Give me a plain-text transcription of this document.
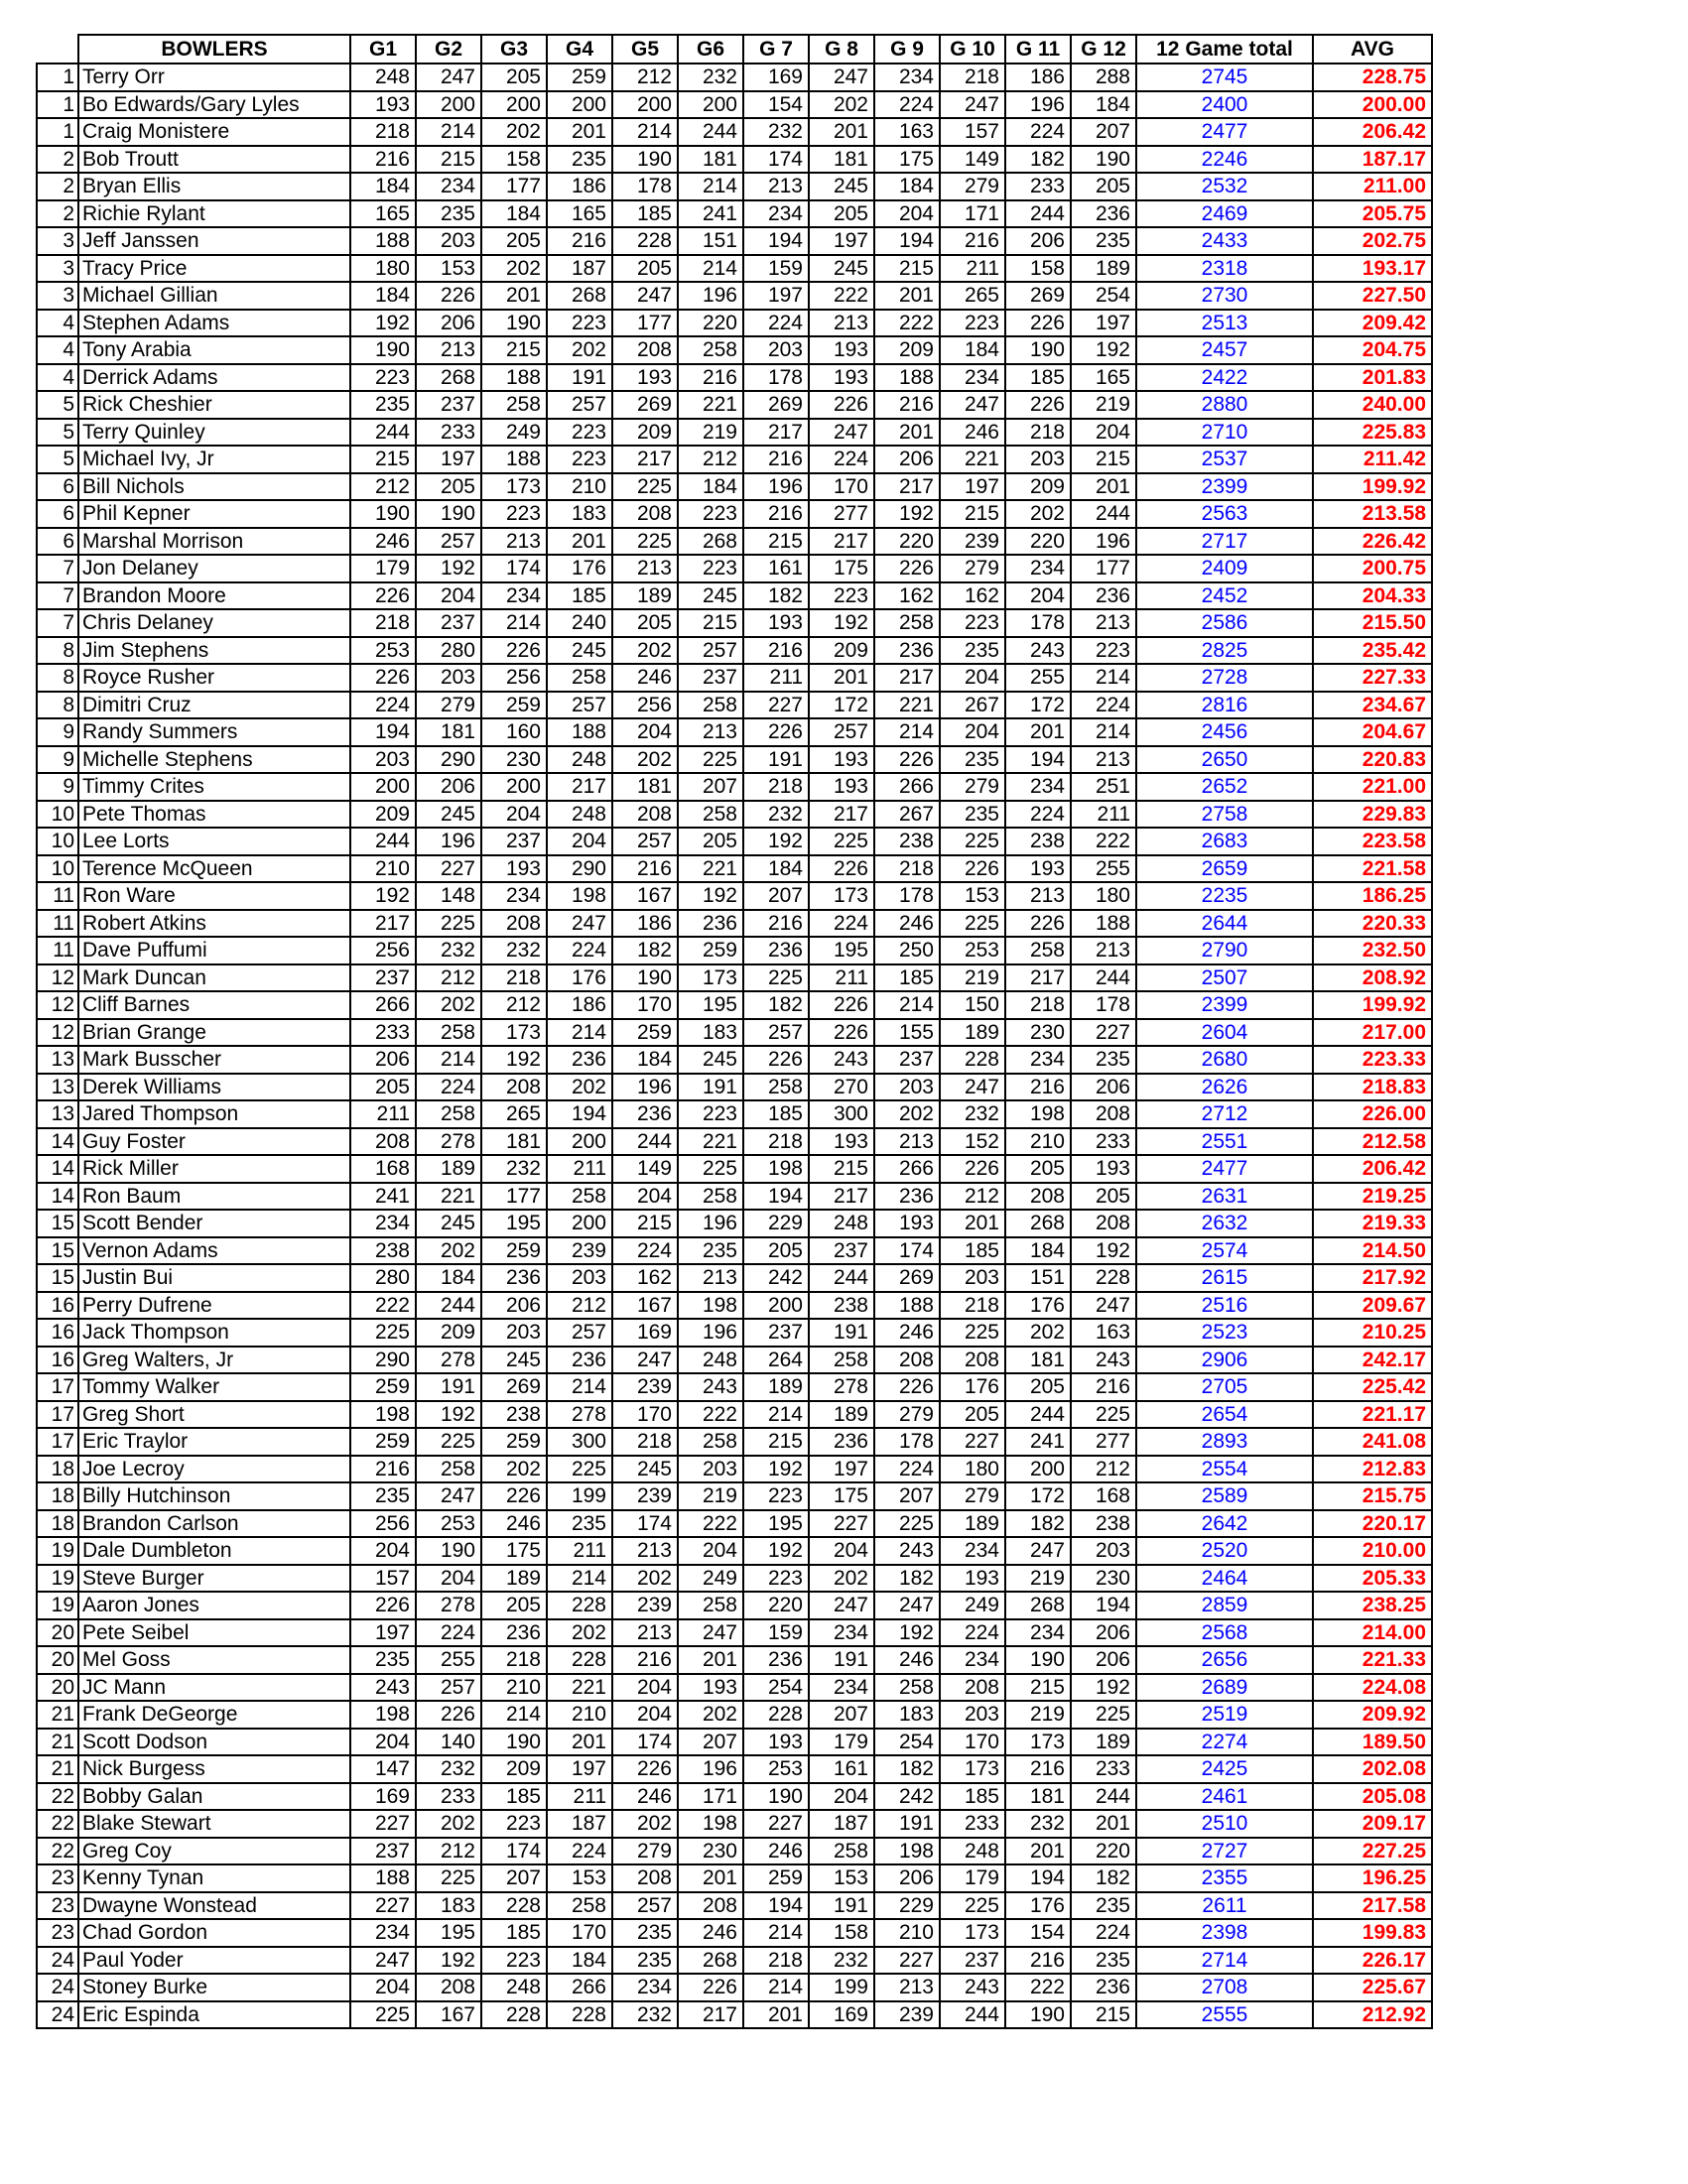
	BOWLERS	G1	G2	G3	G4	G5	G6	G 7	G 8	G 9	G 10	G 11	G 12	12 Game total	AVG
1	Terry Orr	248	247	205	259	212	232	169	247	234	218	186	288	2745	228.75
1	Bo Edwards/Gary Lyles	193	200	200	200	200	200	154	202	224	247	196	184	2400	200.00
1	Craig Monistere	218	214	202	201	214	244	232	201	163	157	224	207	2477	206.42
2	Bob Troutt	216	215	158	235	190	181	174	181	175	149	182	190	2246	187.17
2	Bryan Ellis	184	234	177	186	178	214	213	245	184	279	233	205	2532	211.00
2	Richie Rylant	165	235	184	165	185	241	234	205	204	171	244	236	2469	205.75
3	Jeff Janssen	188	203	205	216	228	151	194	197	194	216	206	235	2433	202.75
3	Tracy Price	180	153	202	187	205	214	159	245	215	211	158	189	2318	193.17
3	Michael Gillian	184	226	201	268	247	196	197	222	201	265	269	254	2730	227.50
4	Stephen Adams	192	206	190	223	177	220	224	213	222	223	226	197	2513	209.42
4	Tony Arabia	190	213	215	202	208	258	203	193	209	184	190	192	2457	204.75
4	Derrick Adams	223	268	188	191	193	216	178	193	188	234	185	165	2422	201.83
5	Rick Cheshier	235	237	258	257	269	221	269	226	216	247	226	219	2880	240.00
5	Terry Quinley	244	233	249	223	209	219	217	247	201	246	218	204	2710	225.83
5	Michael Ivy, Jr	215	197	188	223	217	212	216	224	206	221	203	215	2537	211.42
6	Bill Nichols	212	205	173	210	225	184	196	170	217	197	209	201	2399	199.92
6	Phil Kepner	190	190	223	183	208	223	216	277	192	215	202	244	2563	213.58
6	Marshal Morrison	246	257	213	201	225	268	215	217	220	239	220	196	2717	226.42
7	Jon Delaney	179	192	174	176	213	223	161	175	226	279	234	177	2409	200.75
7	Brandon Moore	226	204	234	185	189	245	182	223	162	162	204	236	2452	204.33
7	Chris Delaney	218	237	214	240	205	215	193	192	258	223	178	213	2586	215.50
8	Jim Stephens	253	280	226	245	202	257	216	209	236	235	243	223	2825	235.42
8	Royce Rusher	226	203	256	258	246	237	211	201	217	204	255	214	2728	227.33
8	Dimitri Cruz	224	279	259	257	256	258	227	172	221	267	172	224	2816	234.67
9	Randy Summers	194	181	160	188	204	213	226	257	214	204	201	214	2456	204.67
9	Michelle Stephens	203	290	230	248	202	225	191	193	226	235	194	213	2650	220.83
9	Timmy Crites	200	206	200	217	181	207	218	193	266	279	234	251	2652	221.00
10	Pete Thomas	209	245	204	248	208	258	232	217	267	235	224	211	2758	229.83
10	Lee Lorts	244	196	237	204	257	205	192	225	238	225	238	222	2683	223.58
10	Terence McQueen	210	227	193	290	216	221	184	226	218	226	193	255	2659	221.58
11	Ron Ware	192	148	234	198	167	192	207	173	178	153	213	180	2235	186.25
11	Robert Atkins	217	225	208	247	186	236	216	224	246	225	226	188	2644	220.33
11	Dave Puffumi	256	232	232	224	182	259	236	195	250	253	258	213	2790	232.50
12	Mark Duncan	237	212	218	176	190	173	225	211	185	219	217	244	2507	208.92
12	Cliff Barnes	266	202	212	186	170	195	182	226	214	150	218	178	2399	199.92
12	Brian Grange	233	258	173	214	259	183	257	226	155	189	230	227	2604	217.00
13	Mark Busscher	206	214	192	236	184	245	226	243	237	228	234	235	2680	223.33
13	Derek Williams	205	224	208	202	196	191	258	270	203	247	216	206	2626	218.83
13	Jared Thompson	211	258	265	194	236	223	185	300	202	232	198	208	2712	226.00
14	Guy Foster	208	278	181	200	244	221	218	193	213	152	210	233	2551	212.58
14	Rick Miller	168	189	232	211	149	225	198	215	266	226	205	193	2477	206.42
14	Ron Baum	241	221	177	258	204	258	194	217	236	212	208	205	2631	219.25
15	Scott Bender	234	245	195	200	215	196	229	248	193	201	268	208	2632	219.33
15	Vernon Adams	238	202	259	239	224	235	205	237	174	185	184	192	2574	214.50
15	Justin Bui	280	184	236	203	162	213	242	244	269	203	151	228	2615	217.92
16	Perry Dufrene	222	244	206	212	167	198	200	238	188	218	176	247	2516	209.67
16	Jack Thompson	225	209	203	257	169	196	237	191	246	225	202	163	2523	210.25
16	Greg Walters, Jr	290	278	245	236	247	248	264	258	208	208	181	243	2906	242.17
17	Tommy Walker	259	191	269	214	239	243	189	278	226	176	205	216	2705	225.42
17	Greg Short	198	192	238	278	170	222	214	189	279	205	244	225	2654	221.17
17	Eric Traylor	259	225	259	300	218	258	215	236	178	227	241	277	2893	241.08
18	Joe Lecroy	216	258	202	225	245	203	192	197	224	180	200	212	2554	212.83
18	Billy Hutchinson	235	247	226	199	239	219	223	175	207	279	172	168	2589	215.75
18	Brandon Carlson	256	253	246	235	174	222	195	227	225	189	182	238	2642	220.17
19	Dale Dumbleton	204	190	175	211	213	204	192	204	243	234	247	203	2520	210.00
19	Steve Burger	157	204	189	214	202	249	223	202	182	193	219	230	2464	205.33
19	Aaron Jones	226	278	205	228	239	258	220	247	247	249	268	194	2859	238.25
20	Pete Seibel	197	224	236	202	213	247	159	234	192	224	234	206	2568	214.00
20	Mel Goss	235	255	218	228	216	201	236	191	246	234	190	206	2656	221.33
20	JC Mann	243	257	210	221	204	193	254	234	258	208	215	192	2689	224.08
21	Frank DeGeorge	198	226	214	210	204	202	228	207	183	203	219	225	2519	209.92
21	Scott Dodson	204	140	190	201	174	207	193	179	254	170	173	189	2274	189.50
21	Nick Burgess	147	232	209	197	226	196	253	161	182	173	216	233	2425	202.08
22	Bobby Galan	169	233	185	211	246	171	190	204	242	185	181	244	2461	205.08
22	Blake Stewart	227	202	223	187	202	198	227	187	191	233	232	201	2510	209.17
22	Greg Coy	237	212	174	224	279	230	246	258	198	248	201	220	2727	227.25
23	Kenny Tynan	188	225	207	153	208	201	259	153	206	179	194	182	2355	196.25
23	Dwayne Wonstead	227	183	228	258	257	208	194	191	229	225	176	235	2611	217.58
23	Chad Gordon	234	195	185	170	235	246	214	158	210	173	154	224	2398	199.83
24	Paul Yoder	247	192	223	184	235	268	218	232	227	237	216	235	2714	226.17
24	Stoney Burke	204	208	248	266	234	226	214	199	213	243	222	236	2708	225.67
24	Eric Espinda	225	167	228	228	232	217	201	169	239	244	190	215	2555	212.92
